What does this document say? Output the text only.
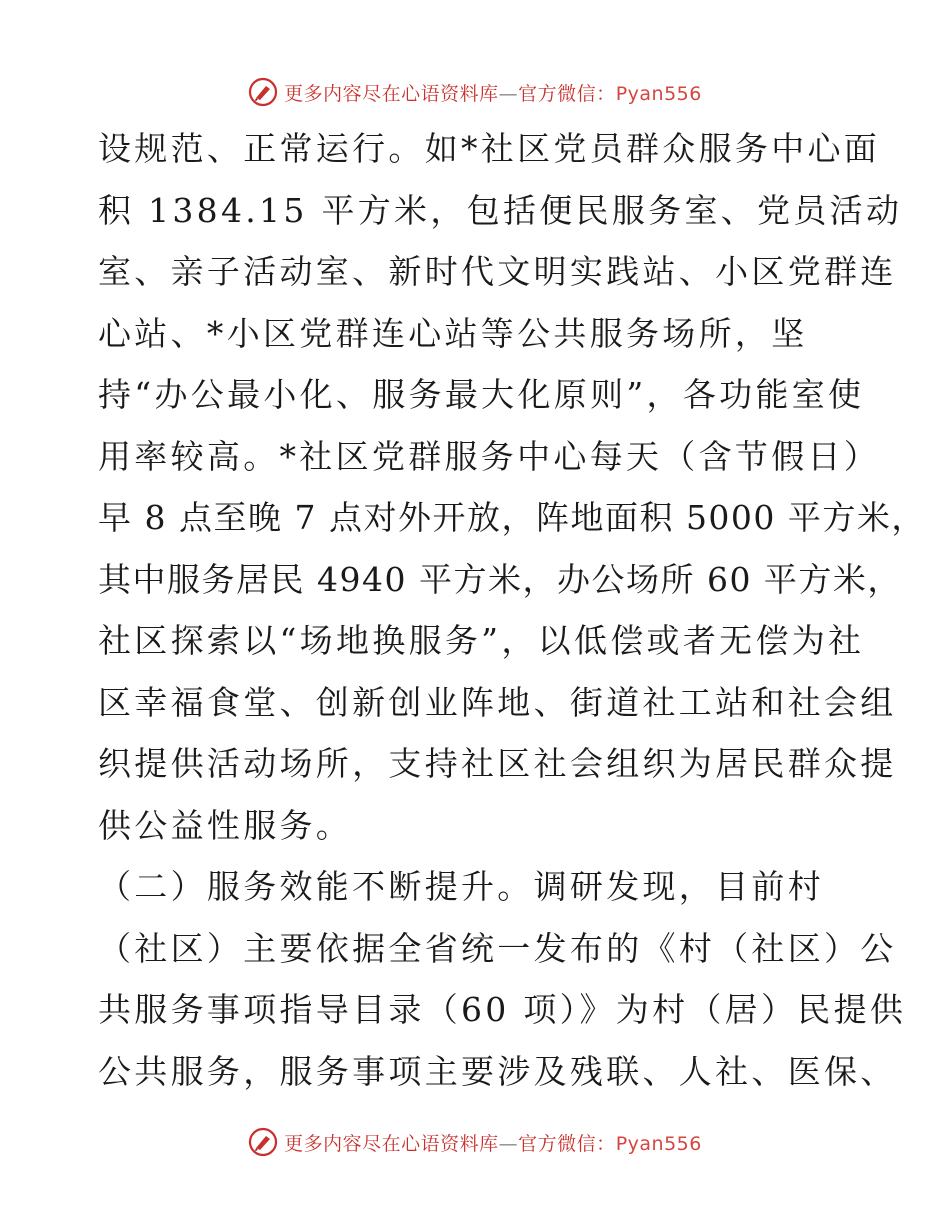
更多内容尽在心语资料库—官方微信：Pyan556
设规范、正常运行。如*社区党员群众服务中心面
积 1384.15 平方米，包括便民服务室、党员活动
室、亲子活动室、新时代文明实践站、小区党群连
心站、*小区党群连心站等公共服务场所，坚
持“办公最小化、服务最大化原则”，各功能室使
用率较高。*社区党群服务中心每天（含节假日）
早 8 点至晚 7 点对外开放，阵地面积 5000 平方米，
其中服务居民 4940 平方米，办公场所 60 平方米，
社区探索以“场地换服务”，以低偿或者无偿为社
区幸福食堂、创新创业阵地、街道社工站和社会组
织提供活动场所，支持社区社会组织为居民群众提
供公益性服务。
（二）服务效能不断提升。调研发现，目前村
（社区）主要依据全省统一发布的《村（社区）公
共服务事项指导目录（60 项）》为村（居）民提供
公共服务，服务事项主要涉及残联、人社、医保、
更多内容尽在心语资料库—官方微信：Pyan556
